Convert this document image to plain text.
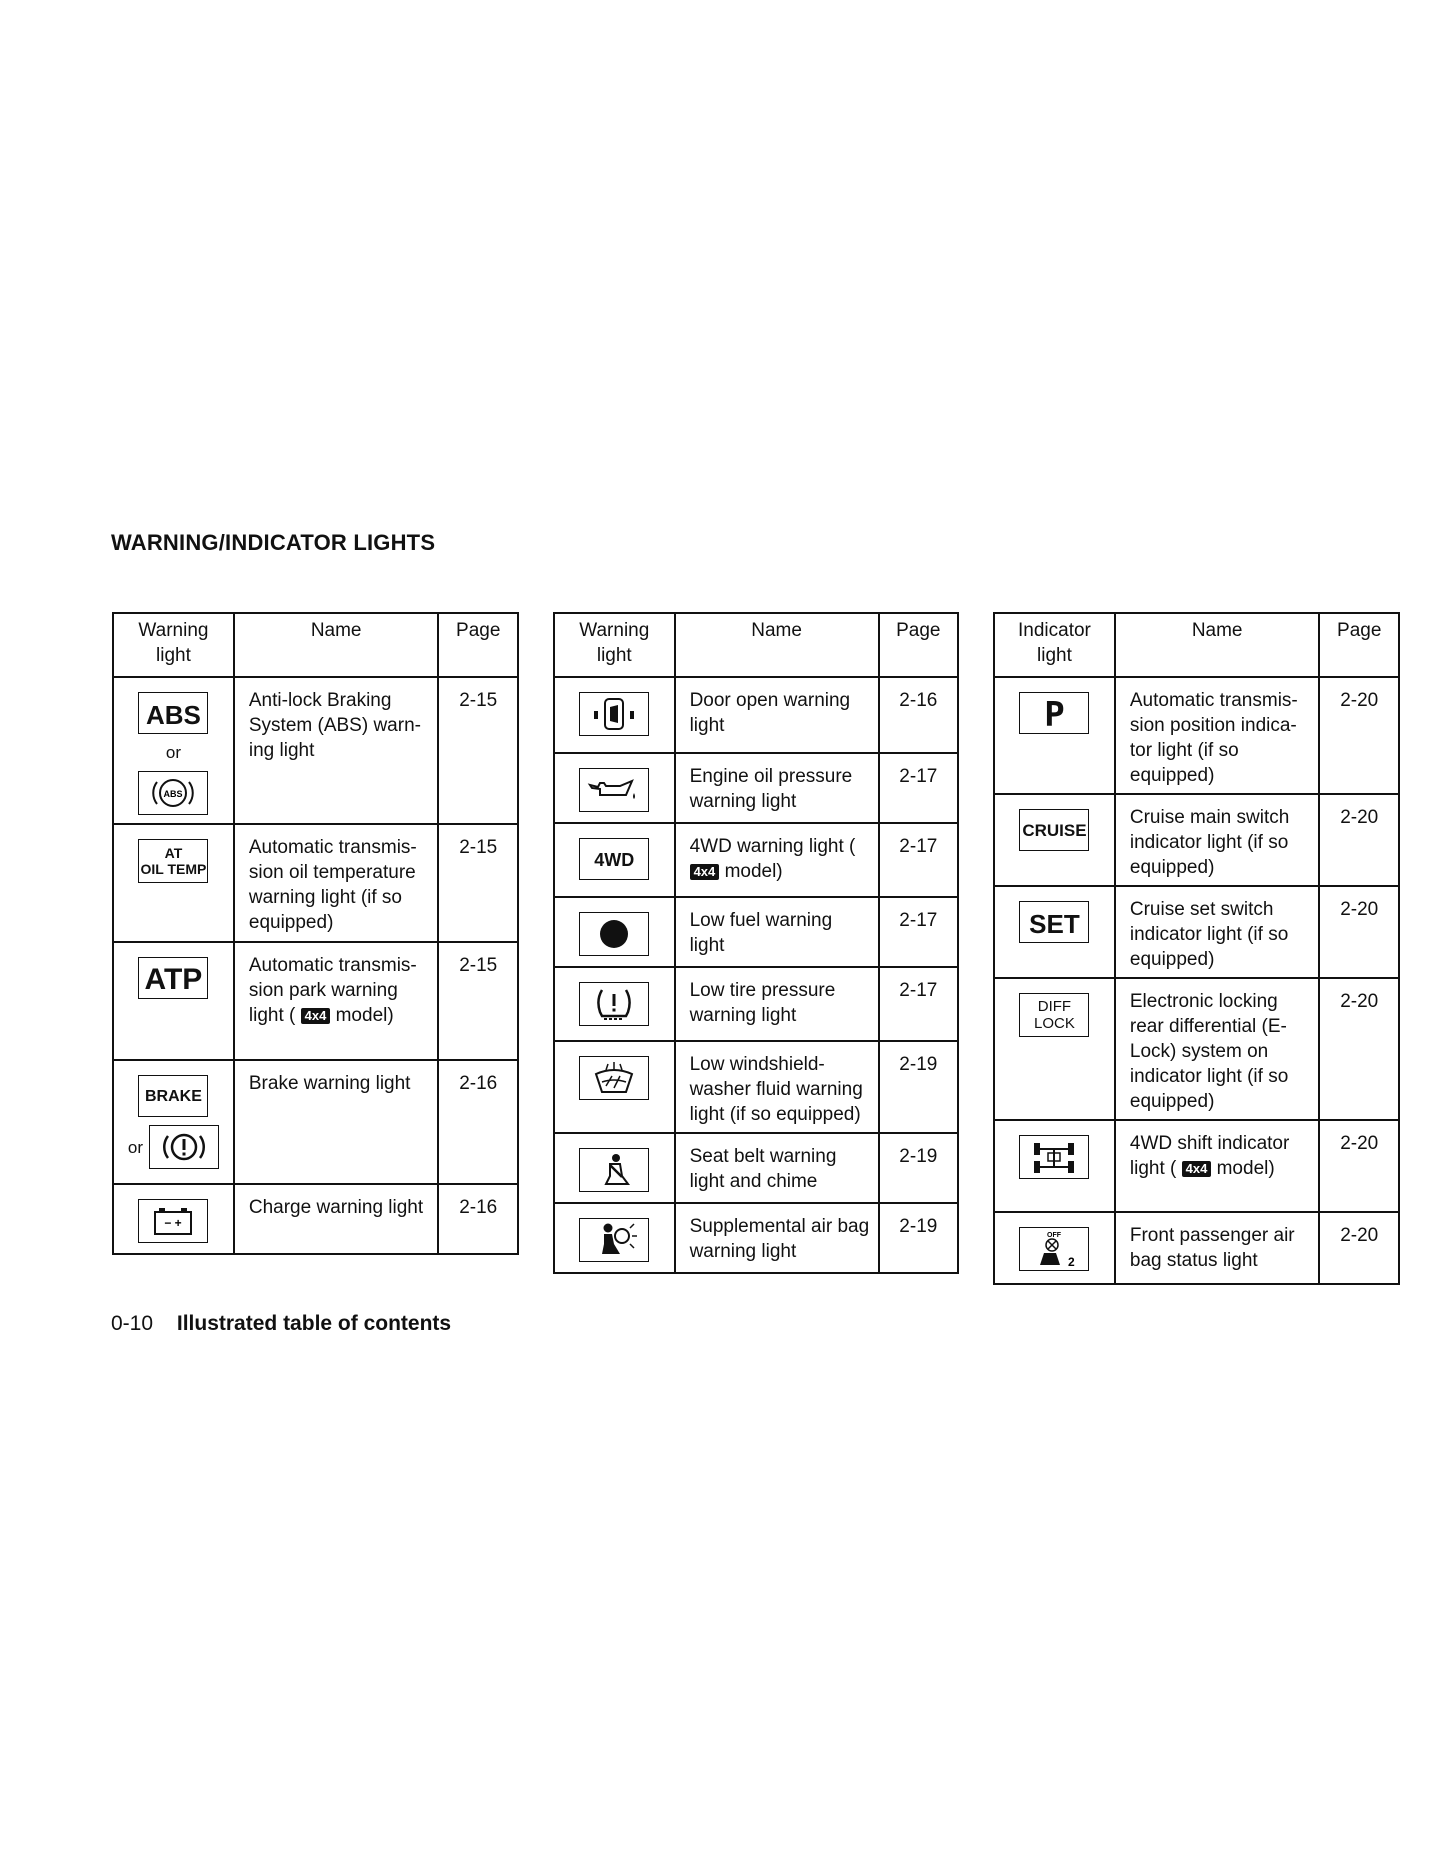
WARNING/INDICATOR LIGHTS
Warning
light	Name	Page
ABS
or
ABS	Anti-lock Braking System (ABS) warn-ing light	2-15
AT
OIL TEMP	Automatic transmis-sion oil temperature warning light (if so equipped)	2-15
ATP	Automatic transmis-sion park warning light ( 4x4 model)	2-15
BRAKE
or	Brake warning light	2-16

− +	Charge warning light	2-16
Warning
light	Name	Page

	Door open warning light	2-16

	Engine oil pressure warning light	2-17
4WD	4WD warning light ( 4x4 model)	2-17

	Low fuel warning light	2-17

	Low tire pressure warning light	2-17

	Low windshield-washer fluid warning light (if so equipped)	2-19

	Seat belt warning light and chime	2-19

	Supplemental air bag warning light	2-19
Indicator
light	Name	Page
P	Automatic transmis-sion position indica-tor light (if so equipped)	2-20
CRUISE	Cruise main switch indicator light (if so equipped)	2-20
SET	Cruise set switch indicator light (if so equipped)	2-20
DIFF
LOCK	Electronic locking rear differential (E-Lock) system on indicator light (if so equipped)	2-20

	4WD shift indicator light ( 4x4 model)	2-20

OFF
2	Front passenger air bag status light	2-20
0-10 Illustrated table of contents
